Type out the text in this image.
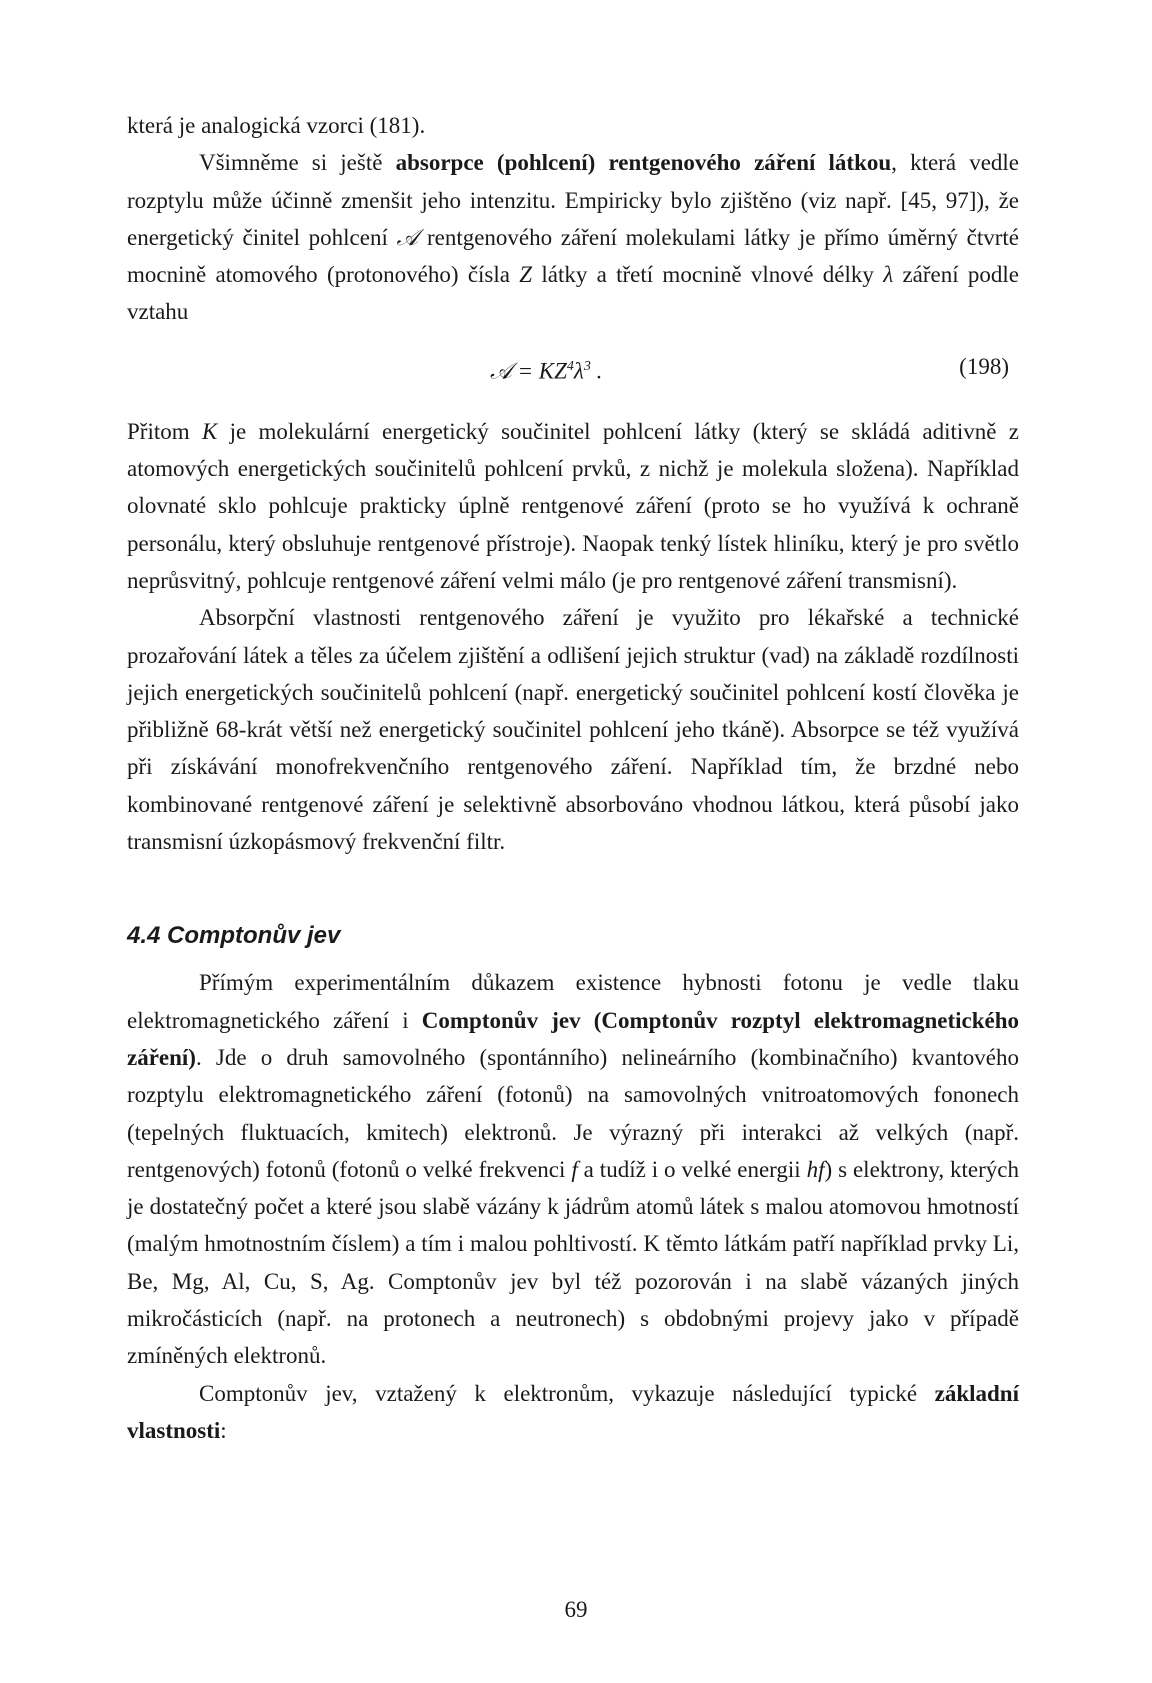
která je analogická vzorci (181).

Všimněme si ještě absorpce (pohlcení) rentgenového záření látkou, která vedle rozptylu může účinně zmenšit jeho intenzitu. Empiricky bylo zjištěno (viz např. [45, 97]), že energetický činitel pohlcení 𝒜 rentgenového záření molekulami látky je přímo úměrný čtvrté mocnině atomového (protonového) čísla Z látky a třetí mocnině vlnové délky λ záření podle vztahu

𝒜 = $KZ^4\lambda^3$ .	(198)

Přitom K je molekulární energetický součinitel pohlcení látky (který se skládá aditivně z atomových energetických součinitelů pohlcení prvků, z nichž je molekula složena). Například olovnaté sklo pohlcuje prakticky úplně rentgenové záření (proto se ho využívá k ochraně personálu, který obsluhuje rentgenové přístroje). Naopak tenký lístek hliníku, který je pro světlo neprůsvitný, pohlcuje rentgenové záření velmi málo (je pro rentgenové záření transmisní).

Absorpční vlastnosti rentgenového záření je využito pro lékařské a technické prozařování látek a těles za účelem zjištění a odlišení jejich struktur (vad) na základě rozdílnosti jejich energetických součinitelů pohlcení (např. energetický součinitel pohlcení kostí člověka je přibližně 68-krát větší než energetický součinitel pohlcení jeho tkáně). Absorpce se též využívá při získávání monofrekvenčního rentgenového záření. Například tím, že brzdné nebo kombinované rentgenové záření je selektivně absorbováno vhodnou látkou, která působí jako transmisní úzkopásmový frekvenční filtr.

4.4 Comptonův jev

Přímým experimentálním důkazem existence hybnosti fotonu je vedle tlaku elektromagnetického záření i Comptonův jev (Comptonův rozptyl elektromagnetického záření). Jde o druh samovolného (spontánního) nelineárního (kombinačního) kvantového rozptylu elektromagnetického záření (fotonů) na samovolných vnitroatomových fononech (tepelných fluktuacích, kmitech) elektronů. Je výrazný při interakci až velkých (např. rentgenových) fotonů (fotonů o velké frekvenci f a tudíž i o velké energii hf) s elektrony, kterých je dostatečný počet a které jsou slabě vázány k jádrům atomů látek s malou atomovou hmotností (malým hmotnostním číslem) a tím i malou pohltivostí. K těmto látkám patří například prvky Li, Be, Mg, Al, Cu, S, Ag. Comptonův jev byl též pozorován i na slabě vázaných jiných mikročásticích (např. na protonech a neutronech) s obdobnými projevy jako v případě zmíněných elektronů.

Comptonův jev, vztažený k elektronům, vykazuje následující typické základní vlastnosti:

69
